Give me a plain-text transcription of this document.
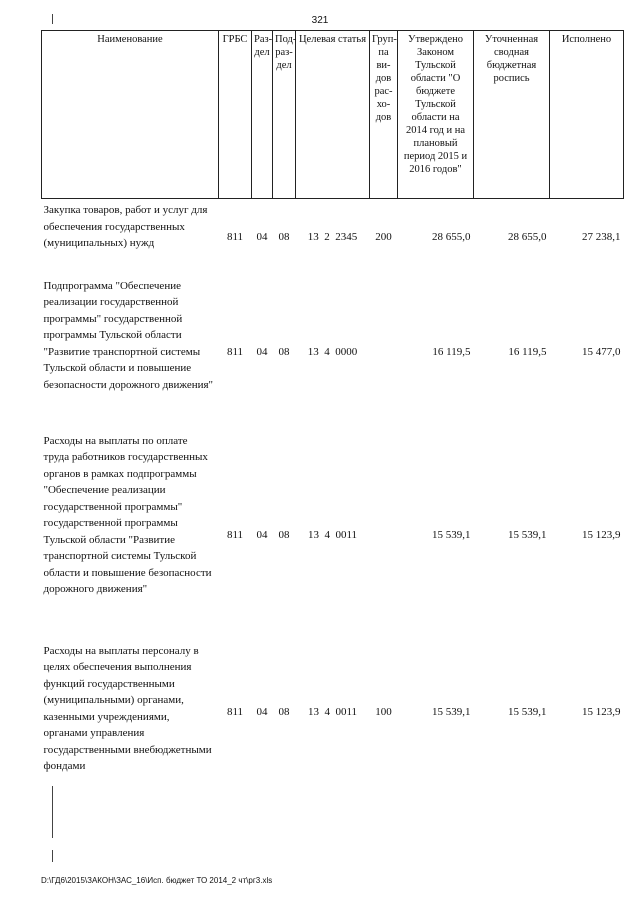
321
Наименование	ГРБС	Раз-дел	Под-раз-дел	Целевая статья	Груп-па ви-дов рас-хо-дов	Утверждено Законом Тульской области "О бюджете Тульской области на 2014 год и на плановый период 2015 и 2016 годов"	Уточненная сводная бюджетная роспись	Исполнено
Закупка товаров, работ и услуг для обеспечения государственных (муниципальных) нужд	811	04	08	13 2 2345	200	28 655,0	28 655,0	27 238,1
Подпрограмма "Обеспечение реализации государственной программы" государственной программы Тульской области "Развитие транспортной системы Тульской области и повышение безопасности дорожного движения"	811	04	08	13 4 0000		16 119,5	16 119,5	15 477,0
Расходы на выплаты по оплате труда работников государственных органов в рамках подпрограммы "Обеспечение реализации государственной программы" государственной программы Тульской области "Развитие транспортной системы Тульской области и повышение безопасности дорожного движения"	811	04	08	13 4 0011		15 539,1	15 539,1	15 123,9
Расходы на выплаты персоналу в целях обеспечения выполнения функций государственными (муниципальными) органами, казенными учреждениями, органами управления государственными внебюджетными фондами	811	04	08	13 4 0011	100	15 539,1	15 539,1	15 123,9
D:\ГД6\2015\ЗАКОН\ЗАС_16\Исп. бюджет ТО 2014_2 чт\рг3.xls
